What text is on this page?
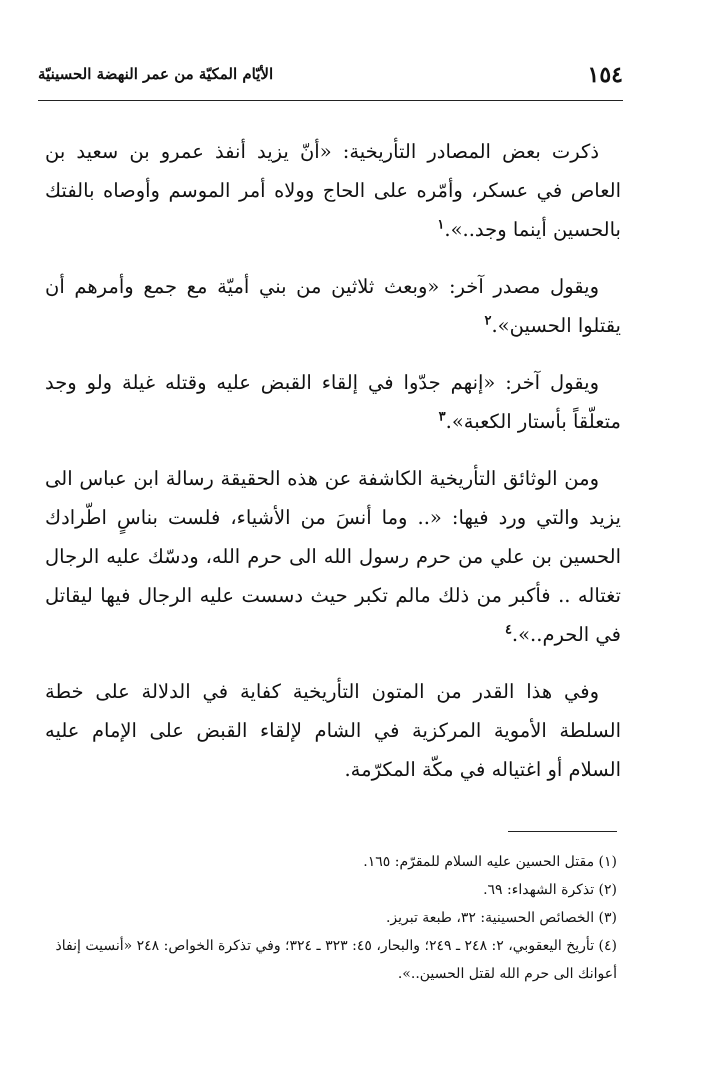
١٥٤
الأيّام المكيّة من عمر النهضة الحسينيّة

ذكرت بعض المصادر التأريخية: «أنّ يزيد أنفذ عمرو بن سعيد بن العاص في عسكر، وأمّره على الحاج وولاه أمر الموسم وأوصاه بالفتك بالحسين أينما وجد..».$^١$

ويقول مصدر آخر: «وبعث ثلاثين من بني أميّة مع جمع وأمرهم أن يقتلوا الحسين».$^٢$

ويقول آخر: «إنهم جدّوا في إلقاء القبض عليه وقتله غيلة ولو وجد متعلّقاً بأستار الكعبة».$^٣$

ومن الوثائق التأريخية الكاشفة عن هذه الحقيقة رسالة ابن عباس الى يزيد والتي ورد فيها: «.. وما أنسَ من الأشياء، فلست بناسٍ اطّرادك الحسين بن علي من حرم رسول الله الى حرم الله، ودسّك عليه الرجال تغتاله .. فأكبر من ذلك مالم تكبر حيث دسست عليه الرجال فيها ليقاتل في الحرم..».$^٤$

وفي هذا القدر من المتون التأريخية كفاية في الدلالة على خطة السلطة الأموية المركزية في الشام لإلقاء القبض على الإمام عليه السلام أو اغتياله في مكّة المكرّمة.

(١) مقتل الحسين عليه السلام للمقرّم: ١٦٥.

(٢) تذكرة الشهداء: ٦٩.

(٣) الخصائص الحسينية: ٣٢، طبعة تبريز.

(٤) تأريخ اليعقوبي، ٢: ٢٤٨ ـ ٢٤٩؛ والبحار، ٤٥: ٣٢٣ ـ ٣٢٤؛ وفي تذكرة الخواص: ٢٤٨ «أنسيت إنفاذ أعوانك الى حرم الله لقتل الحسين..».
